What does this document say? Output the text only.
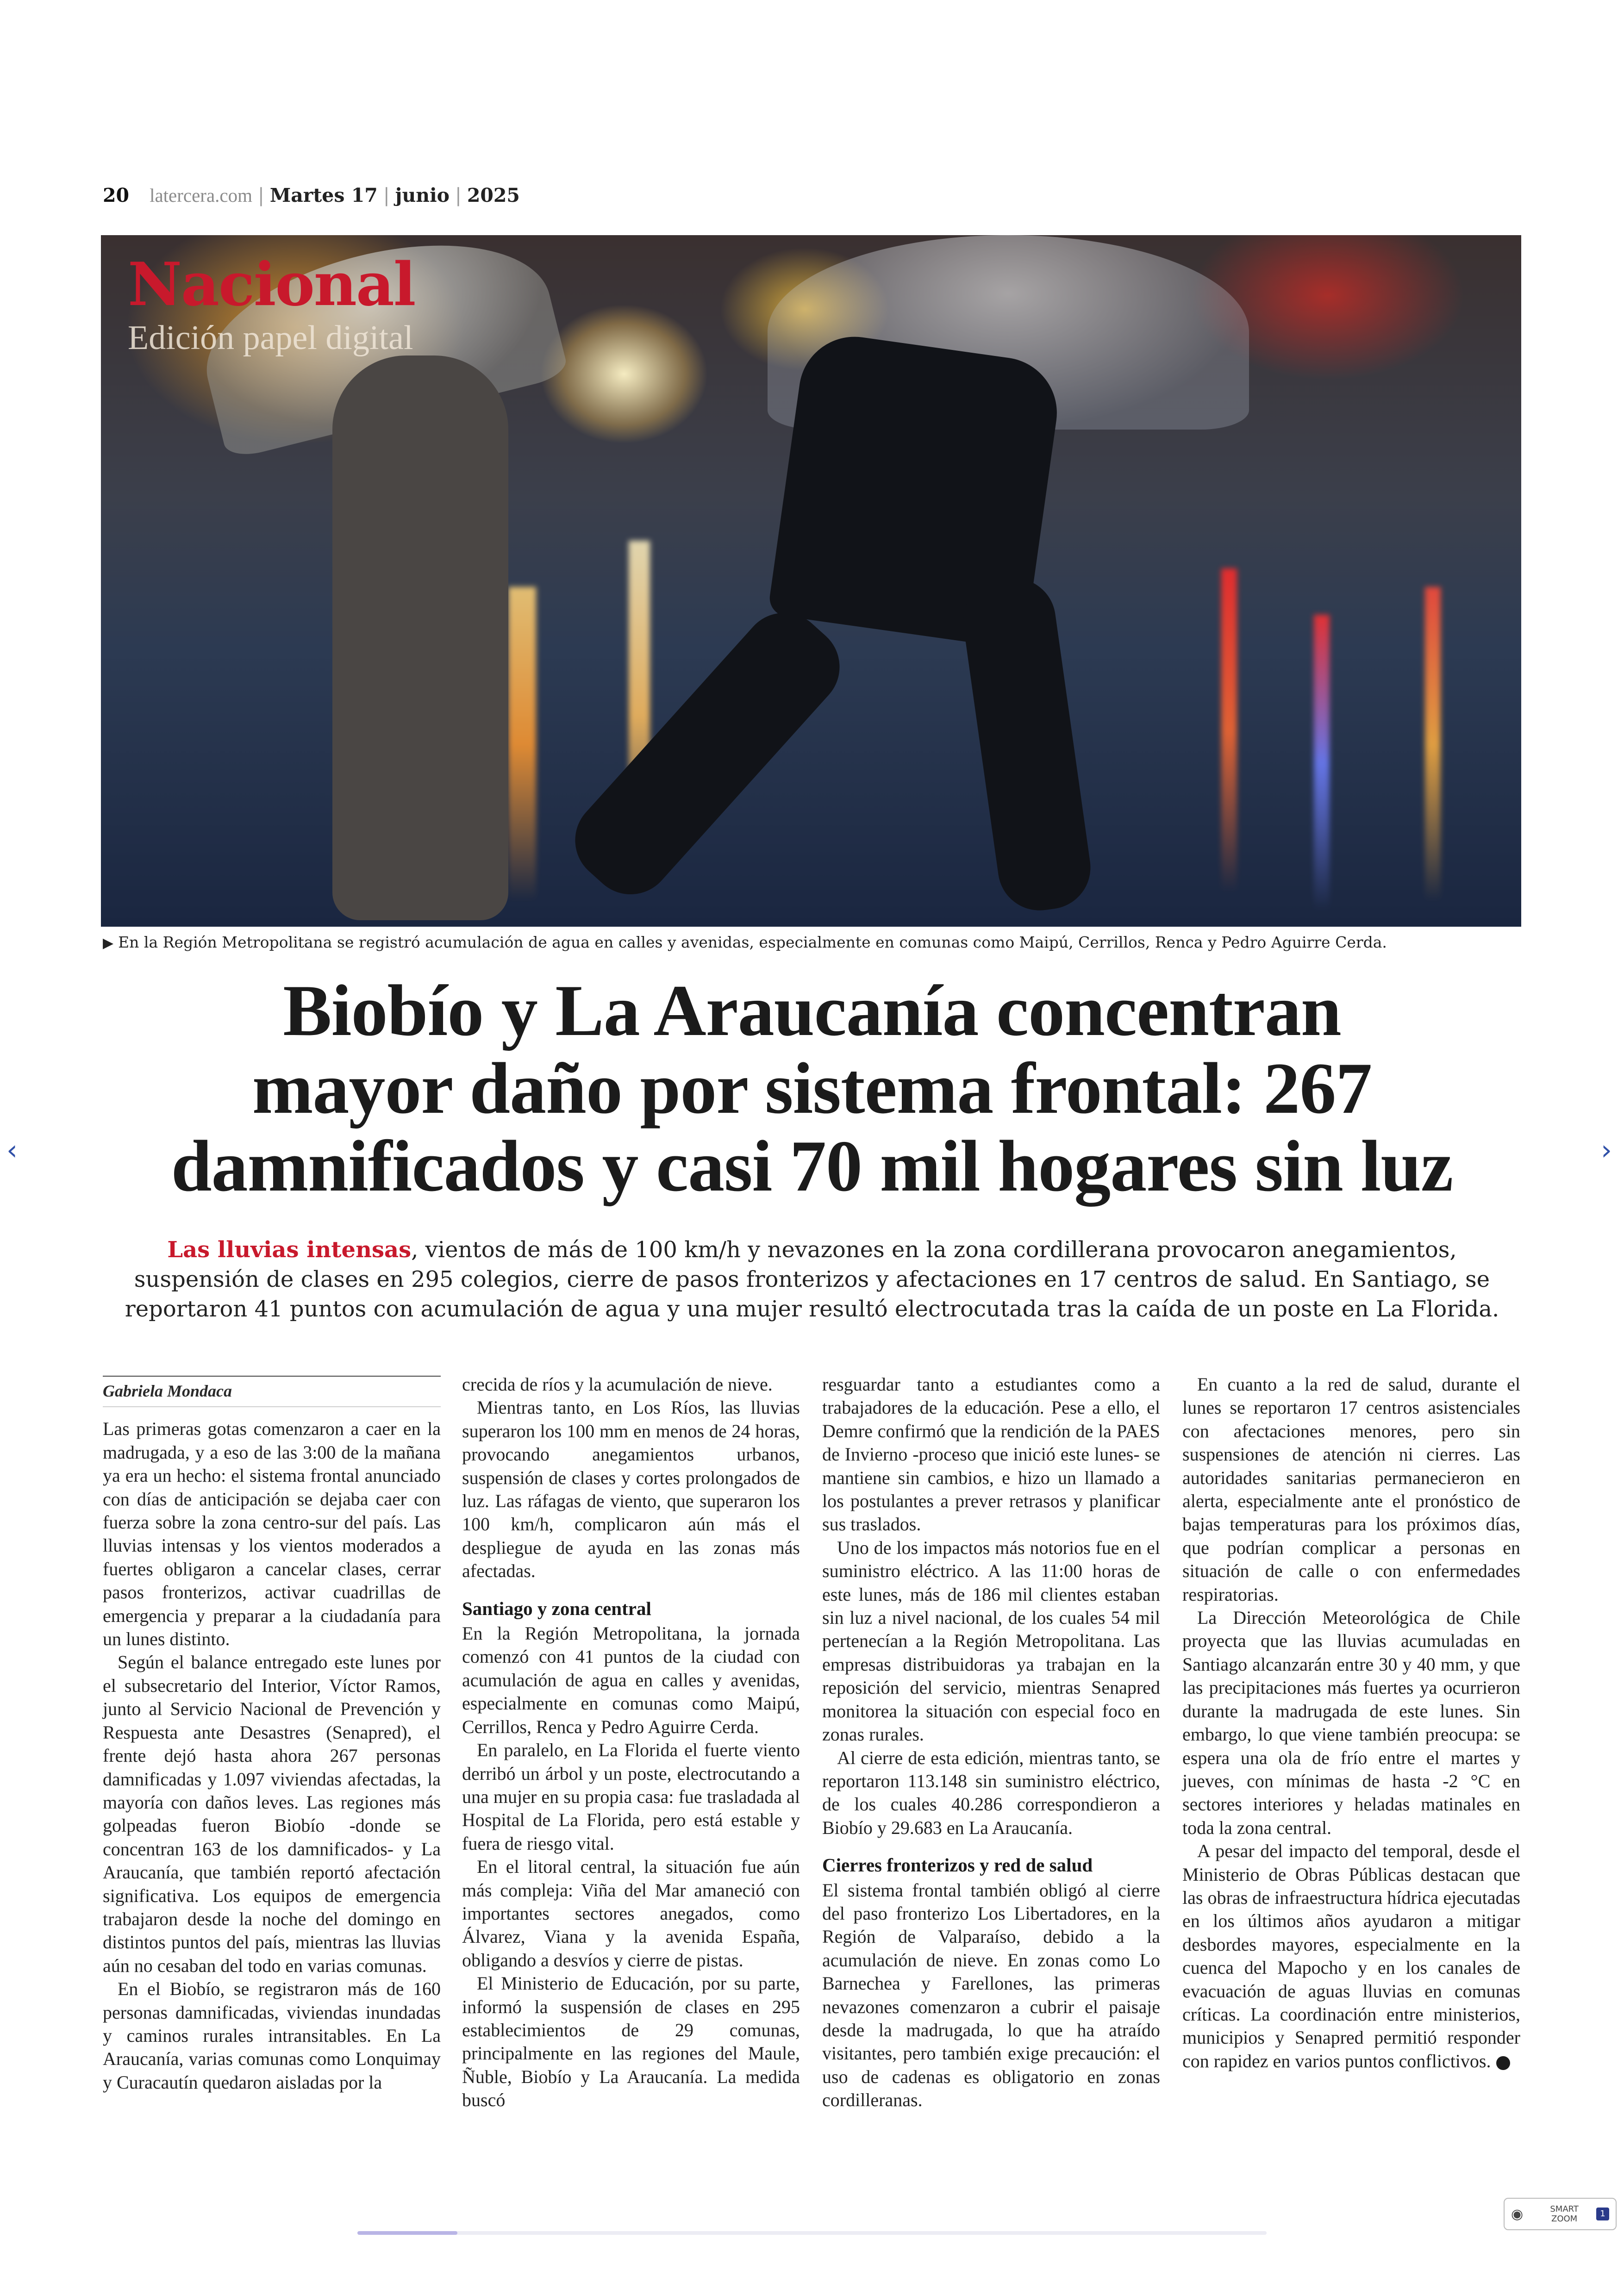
20 latercera.com | Martes 17 | junio | 2025
Nacional
Edición papel digital
▶ En la Región Metropolitana se registró acumulación de agua en calles y avenidas, especialmente en comunas como Maipú, Cerrillos, Renca y Pedro Aguirre Cerda.
Biobío y La Araucanía concentran
mayor daño por sistema frontal: 267
damnificados y casi 70 mil hogares sin luz
Las lluvias intensas, vientos de más de 100 km/h y nevazones en la zona cordillerana provocaron anegamientos, suspensión de clases en 295 colegios, cierre de pasos fronterizos y afectaciones en 17 centros de salud. En Santiago, se reportaron 41 puntos con acumulación de agua y una mujer resultó electrocutada tras la caída de un poste en La Florida.
Gabriela Mondaca

Las primeras gotas comenzaron a caer en la madrugada, y a eso de las 3:00 de la mañana ya era un hecho: el sistema frontal anunciado con días de anticipación se dejaba caer con fuerza sobre la zona centro-sur del país. Las lluvias intensas y los vientos moderados a fuertes obligaron a cancelar clases, cerrar pasos fronterizos, activar cuadrillas de emergencia y preparar a la ciudadanía para un lunes distinto.

Según el balance entregado este lunes por el subsecretario del Interior, Víctor Ramos, junto al Servicio Nacional de Prevención y Respuesta ante Desastres (Senapred), el frente dejó hasta ahora 267 personas damnificadas y 1.097 viviendas afectadas, la mayoría con daños leves. Las regiones más golpeadas fueron Biobío -donde se concentran 163 de los damnificados- y La Araucanía, que también reportó afectación significativa. Los equipos de emergencia trabajaron desde la noche del domingo en distintos puntos del país, mientras las lluvias aún no cesaban del todo en varias comunas.

En el Biobío, se registraron más de 160 personas damnificadas, viviendas inundadas y caminos rurales intransitables. En La Araucanía, varias comunas como Lonquimay y Curacautín quedaron aisladas por la

crecida de ríos y la acumulación de nieve.

Mientras tanto, en Los Ríos, las lluvias superaron los 100 mm en menos de 24 horas, provocando anegamientos urbanos, suspensión de clases y cortes prolongados de luz. Las ráfagas de viento, que superaron los 100 km/h, complicaron aún más el despliegue de ayuda en las zonas más afectadas.

Santiago y zona central

En la Región Metropolitana, la jornada comenzó con 41 puntos de la ciudad con acumulación de agua en calles y avenidas, especialmente en comunas como Maipú, Cerrillos, Renca y Pedro Aguirre Cerda.

En paralelo, en La Florida el fuerte viento derribó un árbol y un poste, electrocutando a una mujer en su propia casa: fue trasladada al Hospital de La Florida, pero está estable y fuera de riesgo vital.

En el litoral central, la situación fue aún más compleja: Viña del Mar amaneció con importantes sectores anegados, como Álvarez, Viana y la avenida España, obligando a desvíos y cierre de pistas.

El Ministerio de Educación, por su parte, informó la suspensión de clases en 295 establecimientos de 29 comunas, principalmente en las regiones del Maule, Ñuble, Biobío y La Araucanía. La medida buscó

resguardar tanto a estudiantes como a trabajadores de la educación. Pese a ello, el Demre confirmó que la rendición de la PAES de Invierno -proceso que inició este lunes- se mantiene sin cambios, e hizo un llamado a los postulantes a prever retrasos y planificar sus traslados.

Uno de los impactos más notorios fue en el suministro eléctrico. A las 11:00 horas de este lunes, más de 186 mil clientes estaban sin luz a nivel nacional, de los cuales 54 mil pertenecían a la Región Metropolitana. Las empresas distribuidoras ya trabajan en la reposición del servicio, mientras Senapred monitorea la situación con especial foco en zonas rurales.

Al cierre de esta edición, mientras tanto, se reportaron 113.148 sin suministro eléctrico, de los cuales 40.286 correspondieron a Biobío y 29.683 en La Araucanía.

Cierres fronterizos y red de salud

El sistema frontal también obligó al cierre del paso fronterizo Los Libertadores, en la Región de Valparaíso, debido a la acumulación de nieve. En zonas como Lo Barnechea y Farellones, las primeras nevazones comenzaron a cubrir el paisaje desde la madrugada, lo que ha atraído visitantes, pero también exige precaución: el uso de cadenas es obligatorio en zonas cordilleranas.

En cuanto a la red de salud, durante el lunes se reportaron 17 centros asistenciales con afectaciones menores, pero sin suspensiones de atención ni cierres. Las autoridades sanitarias permanecieron en alerta, especialmente ante el pronóstico de bajas temperaturas para los próximos días, que podrían complicar a personas en situación de calle o con enfermedades respiratorias.

La Dirección Meteorológica de Chile proyecta que las lluvias acumuladas en Santiago alcanzarán entre 30 y 40 mm, y que las precipitaciones más fuertes ya ocurrieron durante la madrugada de este lunes. Sin embargo, lo que viene también preocupa: se espera una ola de frío entre el martes y jueves, con mínimas de hasta -2 °C en sectores interiores y heladas matinales en toda la zona central.

A pesar del impacto del temporal, desde el Ministerio de Obras Públicas destacan que las obras de infraestructura hídrica ejecutadas en los últimos años ayudaron a mitigar desbordes mayores, especialmente en la cuenca del Mapocho y en los canales de evacuación de aguas lluvias en comunas críticas. La coordinación entre ministerios, municipios y Senapred permitió responder con rapidez en varios puntos conflictivos.

‹	›
◉	SMART
ZOOM
1
